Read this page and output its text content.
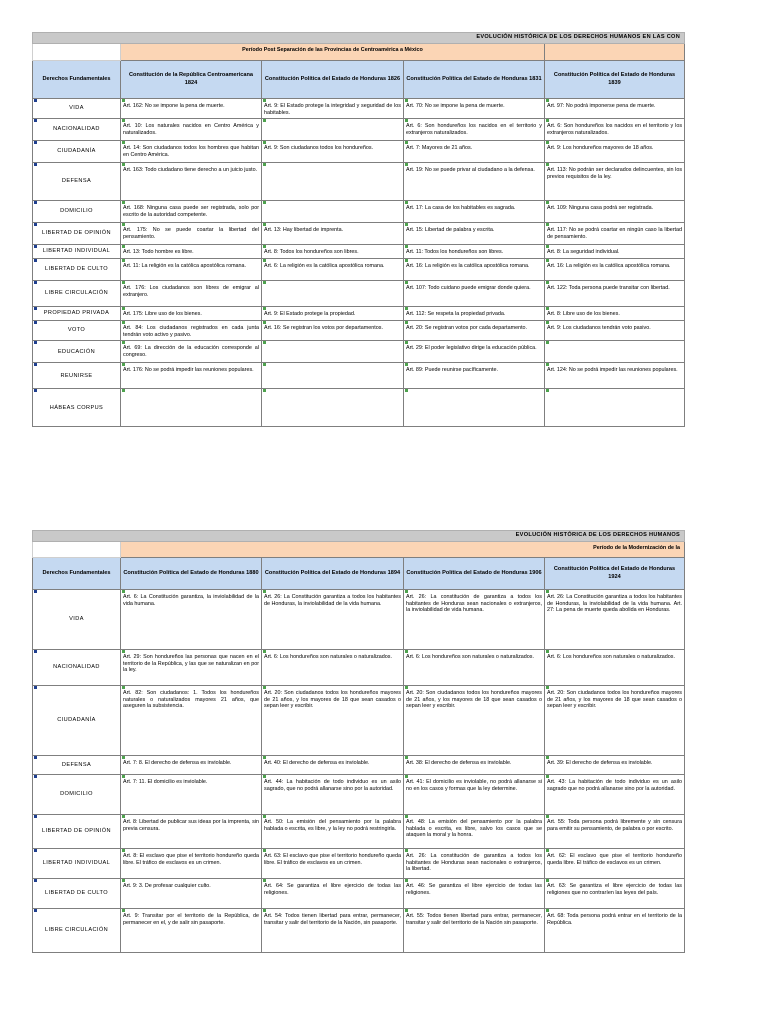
EVOLUCIÓN HISTÓRICA DE LOS DERECHOS HUMANOS EN LAS CON				
	Período Post Separación de las Provincias de Centroamérica a México			
Derechos Fundamentales	Constitución de la República Centroamericana 1824	Constitución Política del Estado de Honduras 1826	Constitución Política del Estado de Honduras 1831	Constitución Política del Estado de Honduras 1839

VIDA	Art. 162: No se impone la pena de muerte.	Art. 9: El Estado protege la integridad y seguridad de los habitables.	Art. 70: No se impone la pena de muerte.	Art. 97: No podrá imponerse pena de muerte.

NACIONALIDAD	Art. 10: Los naturales nacidos en Centro América y naturalizados.		Art. 6: Son hondureños los nacidos en el territorio y extranjeros naturalizados.	Art. 6: Son hondureños los nacidos en el territorio y los extranjeros naturalizados.

CIUDADANÍA	Art. 14: Son ciudadanos todos los hombres que habitan en Centro América.	Art. 9: Son ciudadanos todos los hondureños.	Art. 7: Mayores de 21 años.	Art. 9: Los hondureños mayores de 18 años.

DEFENSA	Art. 163: Todo ciudadano tiene derecho a un juicio justo.		Art. 19: No se puede privar al ciudadano a la defensa.	Art. 113: No podrán ser declarados delincuentes, sin los previos requisitos de la ley.

DOMICILIO	Art. 168: Ninguna casa puede ser registrada, solo por escrito de la autoridad competente.		Art. 17: La casa de los habitables es sagrada.	Art. 109: Ninguna casa podrá ser registrada.

LIBERTAD DE OPINIÓN	Art. 175: No se puede coartar la libertad del pensamiento.	Art. 13: Hay libertad de imprenta.	Art. 15: Libertad de palabra y escrita.	Art. 117: No se podrá coartar en ningún caso la libertad de pensamiento.

LIBERTAD INDIVIDUAL	Art. 13: Todo hombre es libre.	Art. 8: Todos los hondureños son libres.	Art. 11: Todos los hondureños son libres.	Art. 8: La seguridad individual.

LIBERTAD DE CULTO	Art. 11: La religión es la católica apostólica romana.	Art. 6: La religión es la católica apostólica romana.	Art. 16: La religión es la católica apostólica romana.	Art. 16: La religión es la católica apostólica romana.

LIBRE CIRCULACIÓN	Art. 176: Los ciudadanos son libres de emigrar al extranjero.		Art. 107: Todo cuidano puede emigrar donde quiera.	Art. 122: Toda persona puede transitar con libertad.

PROPIEDAD PRIVADA	Art. 175: Libre uso de los bienes.	Art. 9: El Estado protege la propiedad.	Art. 112: Se respeta la propiedad privada.	Art. 8: Libre uso de los bienes.

VOTO	Art. 84: Los ciudadanos registrados en cada junta tendrán voto activo y pasivo.	Art. 16: Se registran los votos por departamentos.	Art. 20: Se registran votos por cada departamento.	Art. 9: Los ciudadanos tendrán voto pasivo.

EDUCACIÓN	Art. 69: La dirección de la educación corresponde al congreso.		Art. 29: El poder legislativo dirige la educación pública.	

REUNIRSE	Art. 176: No se podrá impedir las reuniones populares.		Art. 89: Puede reunirse pacíficamente.	Art. 124: No se podrá impedir las reuniones populares.

HÁBEAS CORPUS	

EVOLUCIÓN HISTÓRICA DE LOS DERECHOS HUMANOS				
	Período de la Modernización de la			
Derechos Fundamentales	Constitución Política del Estado de Honduras 1880	Constitución Política del Estado de Honduras 1894	Constitución Política del Estado de Honduras 1906	Constitución Política del Estado de Honduras 1924

VIDA	Art. 6: La Constitución garantiza, la inviolabilidad de la vida humana.	Art. 26: La Constitución garantiza a todos los habitantes de Honduras, la inviolabilidad de la vida humana.	Art. 26: La constitución de garantiza a todos los habitantes de Honduras sean nacionales o extranjeros, la inviolabilidad de vida humana.	Art. 26: La Constitución garantiza a todos los habitantes de Honduras, la inviolabilidad de la vida humana. Art. 27: La pena de muerte queda abolida en Honduras.

NACIONALIDAD	Art. 29: Son hondureños las personas que nacen en el territorio de la República, y las que se naturalizan en por la ley.	Art. 6: Los hondureños son naturales o naturalizados.	Art. 6: Los hondureños son naturales o naturalizados.	Art. 6: Los hondureños son naturales o naturalizados.

CIUDADANÍA	Art. 82: Son ciudadanos: 1. Todos los hondureños naturales o naturalizados mayores 21 años, que aseguren la subsistencia.	Art. 20: Son ciudadanos todos los hondureños mayores de 21 años, y los mayores de 18 que sean casados o sepan leer y escribir.	Art. 20: Son ciudadanos todos los hondureños mayores de 21 años, y los mayores de 18 que sean casados o sepan leer y escribir.	Art. 20: Son ciudadanos todos los hondureños mayores de 21 años, y los mayores de 18 que sean casados o sepan leer y escribir.

DEFENSA	Art. 7: 8. El derecho de defensa es inviolable.	Art. 40: El derecho de defensa es inviolable.	Art. 38: El derecho de defensa es inviolable.	Art. 39: El derecho de defensa es inviolable.

DOMICILIO	Art. 7: 11. El domicilio es inviolable.	Art. 44: La habitación de todo individuo es un asilo sagrado, que no podrá allanarse sino por la autoridad.	Art. 41: El domicilio es inviolable, no podrá allanarse si no en los casos y formas que la ley determine.	Art. 43: La habitación de todo individuo es un asilo sagrado que no podrá allanarse sino por la autoridad.

LIBERTAD DE OPINIÓN	Art. 8: Libertad de publicar sus ideas por la imprenta, sin previa censura.	Art. 50: La emisión del pensamiento por la palabra hablada o escrita, es libre, y la ley no podrá restringirla.	Art. 48: La emisión del pensamiento por la palabra hablada o escrita, es libre, salvo los casos que se ataquen la moral y la honra.	Art. 55: Toda persona podrá libremente y sin censura para emitir su pensamiento, de palabra o por escrito.

LIBERTAD INDIVIDUAL	Art. 8: El esclavo que pise el territorio hondureño queda libre. El tráfico de esclavos es un crimen.	Art. 63: El esclavo que pise el territorio hondureño queda libre. El tráfico de esclavos es un crimen.	Art. 26: La constitución de garantiza a todos los habitantes de Honduras sean nacionales o extranjeros, la libertad.	Art. 62: El esclavo que pise el territorio hondureño queda libre. El tráfico de esclavos es un crimen.

LIBERTAD DE CULTO	Art. 9: 3. De profesar cualquier culto.	Art. 64: Se garantiza el libre ejercicio de todas las religiones.	Art. 46: Se garantiza el libre ejercicio de todas las religiones.	Art. 63: Se garantiza el libre ejercicio de todas las religiones que no contraríen las leyes del país.

LIBRE CIRCULACIÓN	Art. 9: Transitar por el territorio de la República, de permanecer en el, y de salir sin pasaporte.	Art. 54: Todos tienen libertad para entrar, permanecer, transitar y salir del territorio de la Nación, sin pasaporte.	Art. 55: Todos tienen libertad para entrar, permanecer, transitar y salir del territorio de la Nación sin pasaporte.	Art. 68: Toda persona podrá entrar en el territorio de la República.
